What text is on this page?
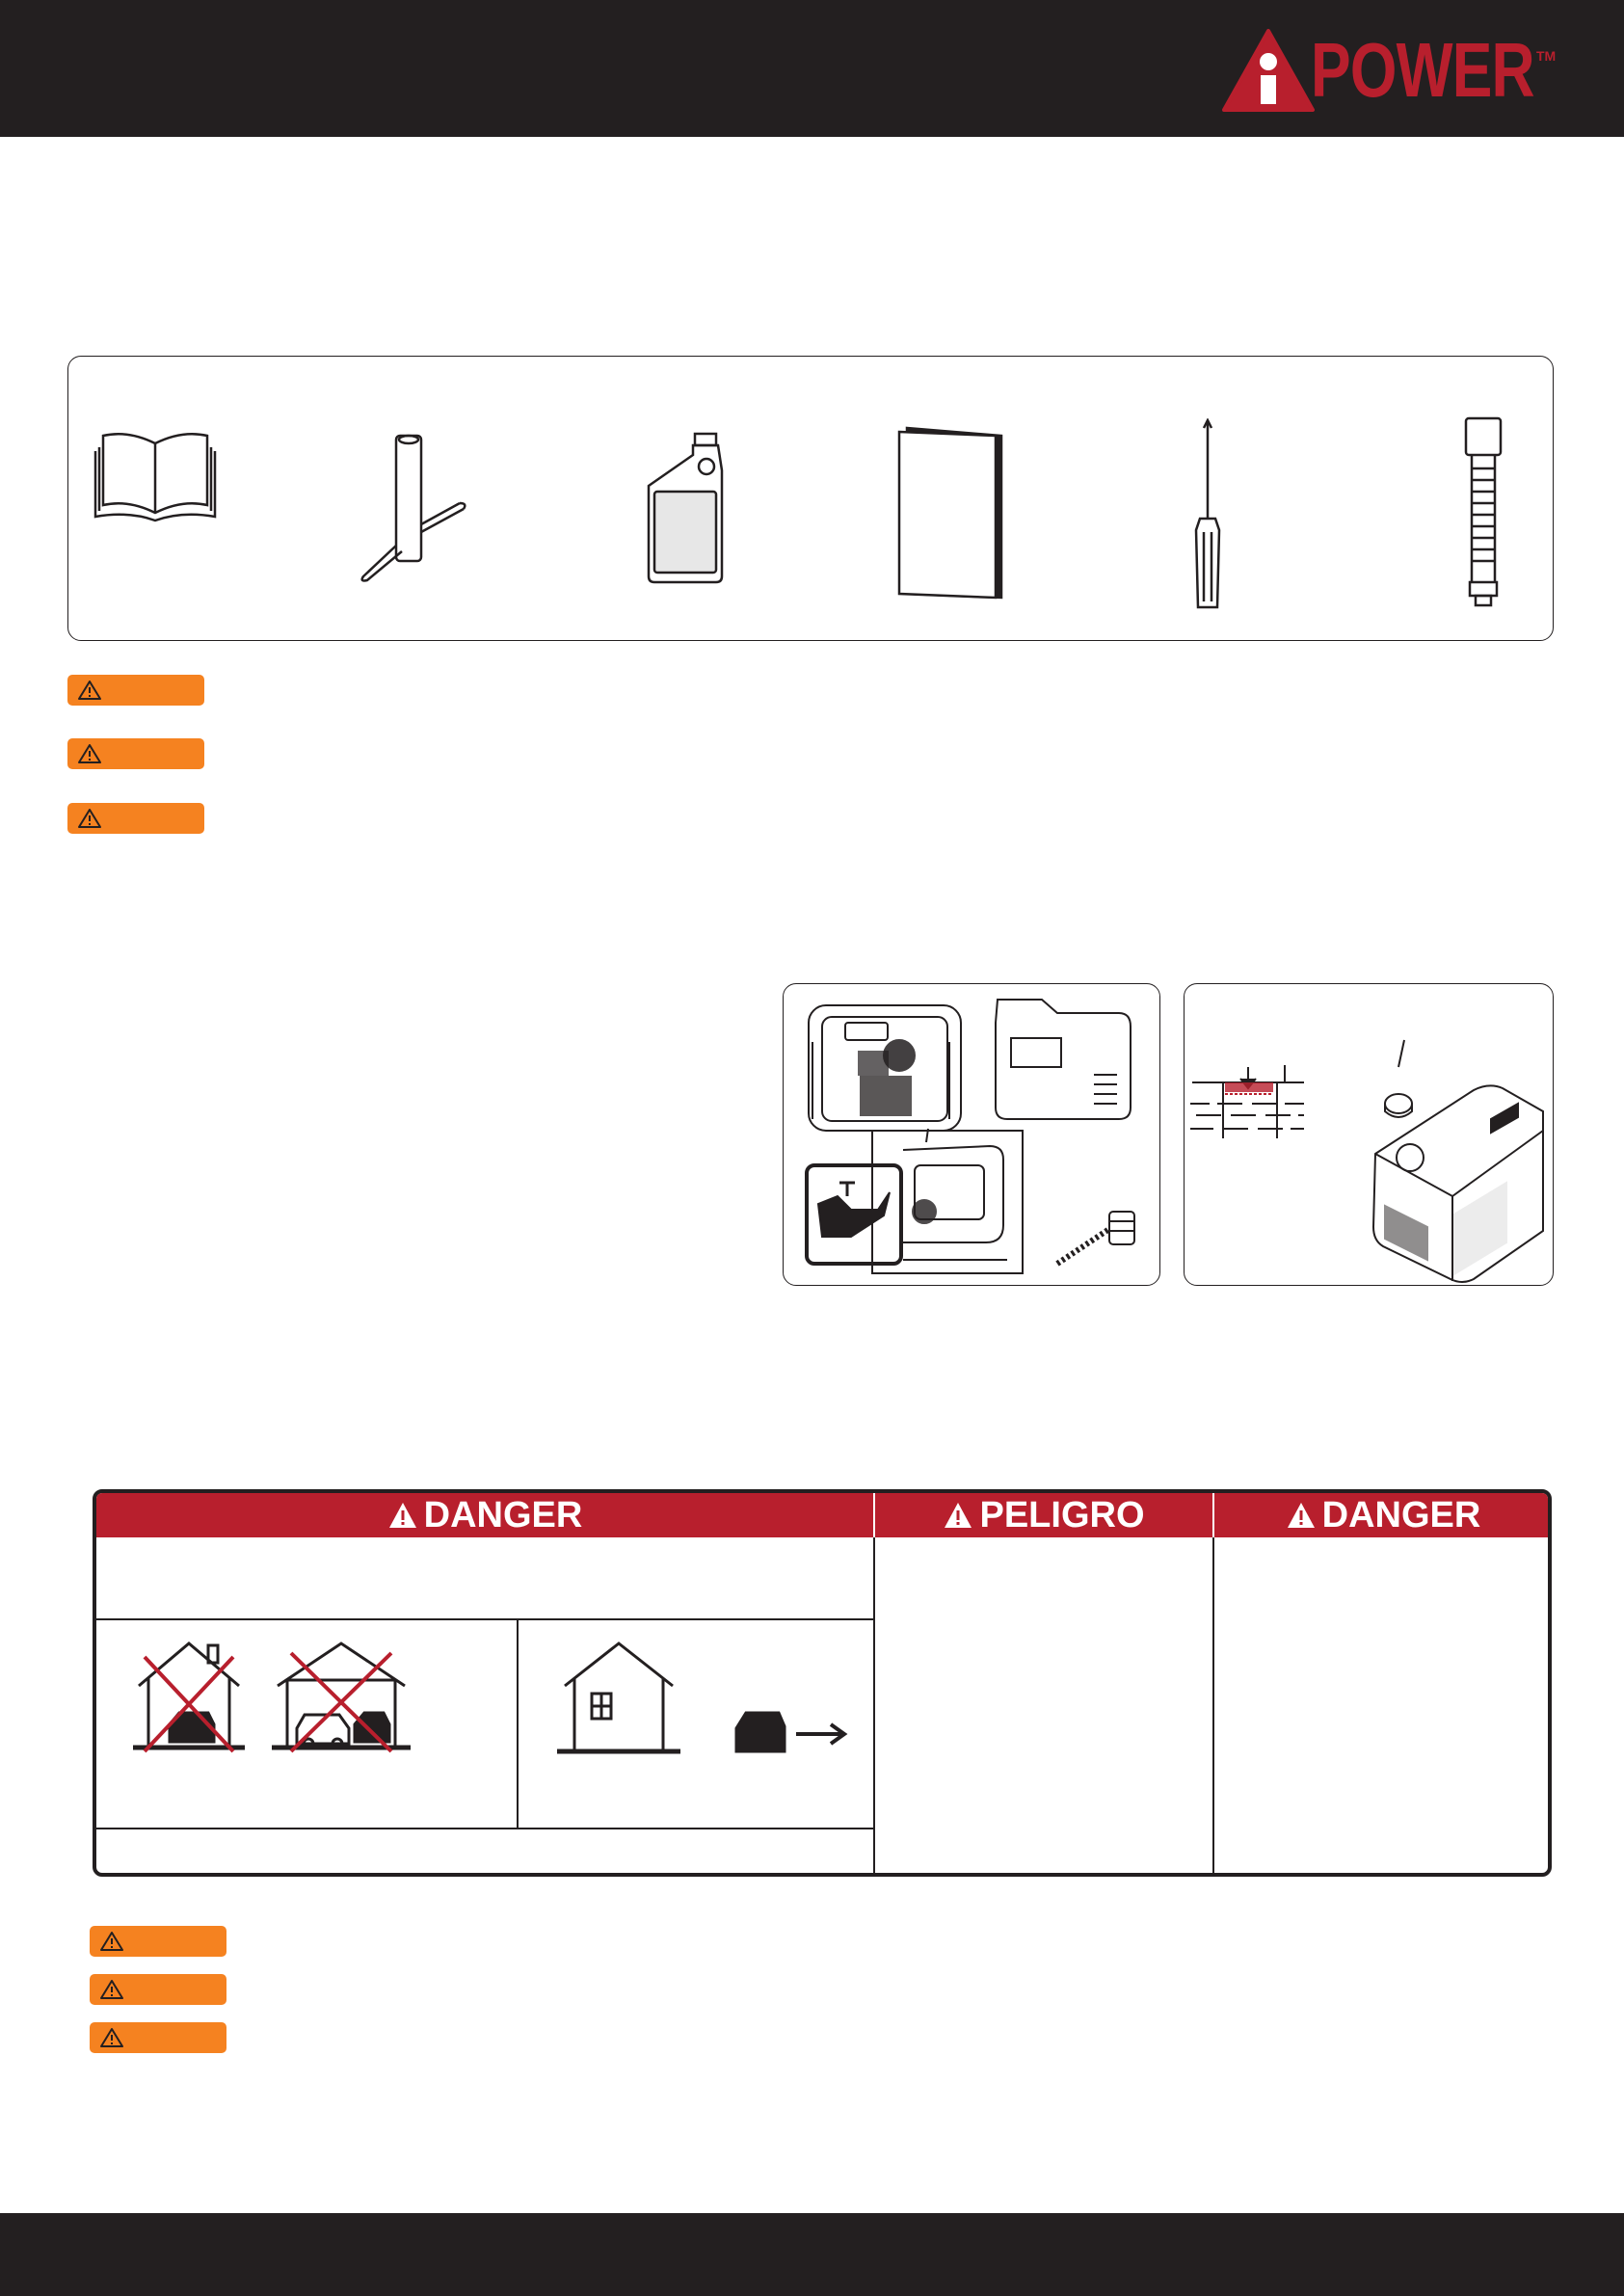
POWER TM
DANGER	PELIGRO	DANGER
